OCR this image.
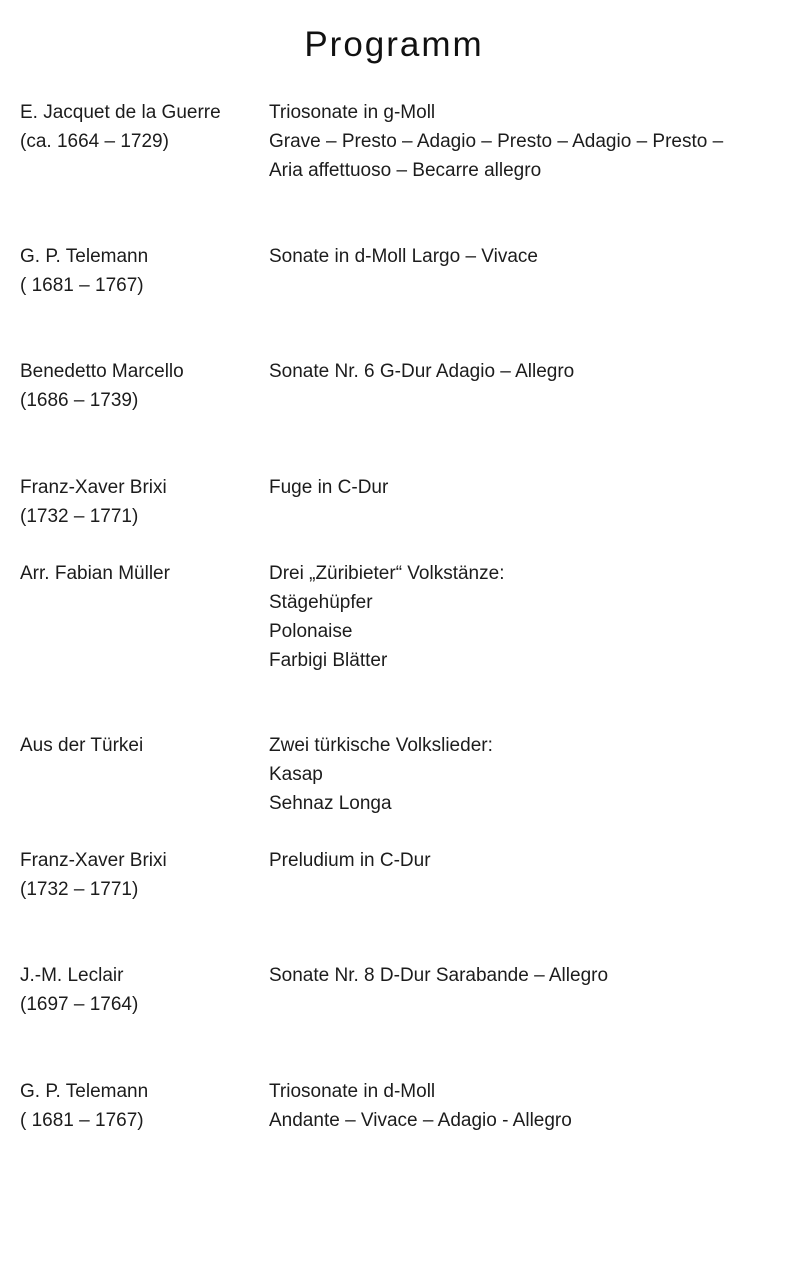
Programm
E. Jacquet de la Guerre
(ca. 1664 – 1729)
Triosonate in g-Moll
Grave – Presto – Adagio – Presto – Adagio – Presto –
Aria affettuoso – Becarre allegro
G. P. Telemann
( 1681 – 1767)
Sonate in d-Moll Largo – Vivace
Benedetto Marcello
(1686 – 1739)
Sonate Nr. 6 G-Dur Adagio – Allegro
Franz-Xaver Brixi
(1732 – 1771)
Fuge in C-Dur
Arr. Fabian Müller	Drei „Züribieter“ Volkstänze:
Stägehüpfer
Polonaise
Farbigi Blätter
Aus der Türkei	Zwei türkische Volkslieder:
Kasap
Sehnaz Longa
Franz-Xaver Brixi
(1732 – 1771)
Preludium in C-Dur
J.-M. Leclair
(1697 – 1764)
Sonate Nr. 8 D-Dur Sarabande – Allegro
G. P. Telemann
( 1681 – 1767)
Triosonate in d-Moll
Andante – Vivace – Adagio - Allegro
